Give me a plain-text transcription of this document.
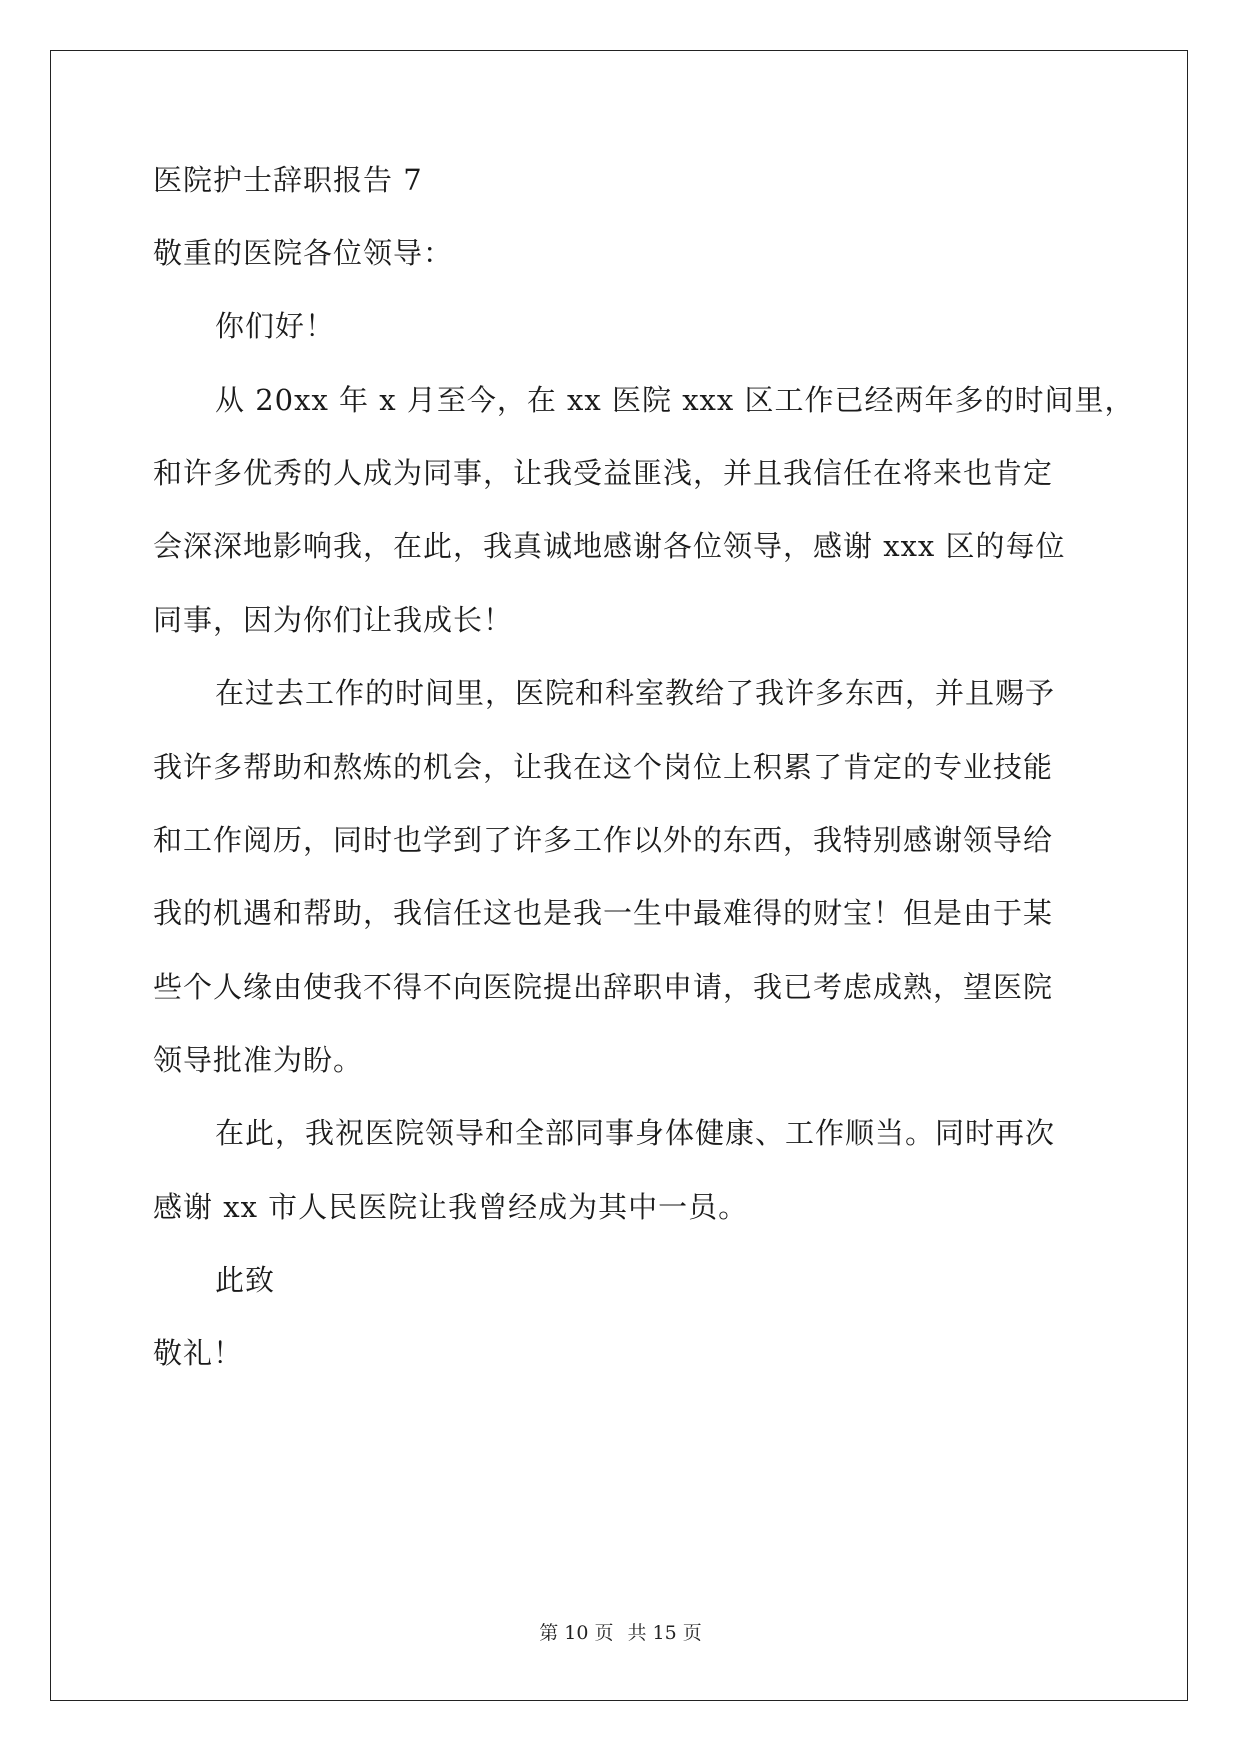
医院护士辞职报告 7
敬重的医院各位领导：
你们好！
从 20xx 年 x 月至今，在 xx 医院 xxx 区工作已经两年多的时间里，
和许多优秀的人成为同事，让我受益匪浅，并且我信任在将来也肯定
会深深地影响我，在此，我真诚地感谢各位领导，感谢 xxx 区的每位
同事，因为你们让我成长！
在过去工作的时间里，医院和科室教给了我许多东西，并且赐予
我许多帮助和熬炼的机会，让我在这个岗位上积累了肯定的专业技能
和工作阅历，同时也学到了许多工作以外的东西，我特别感谢领导给
我的机遇和帮助，我信任这也是我一生中最难得的财宝！但是由于某
些个人缘由使我不得不向医院提出辞职申请，我已考虑成熟，望医院
领导批准为盼。
在此，我祝医院领导和全部同事身体健康、工作顺当。同时再次
感谢 xx 市人民医院让我曾经成为其中一员。
此致
敬礼！
第 10 页 共 15 页
